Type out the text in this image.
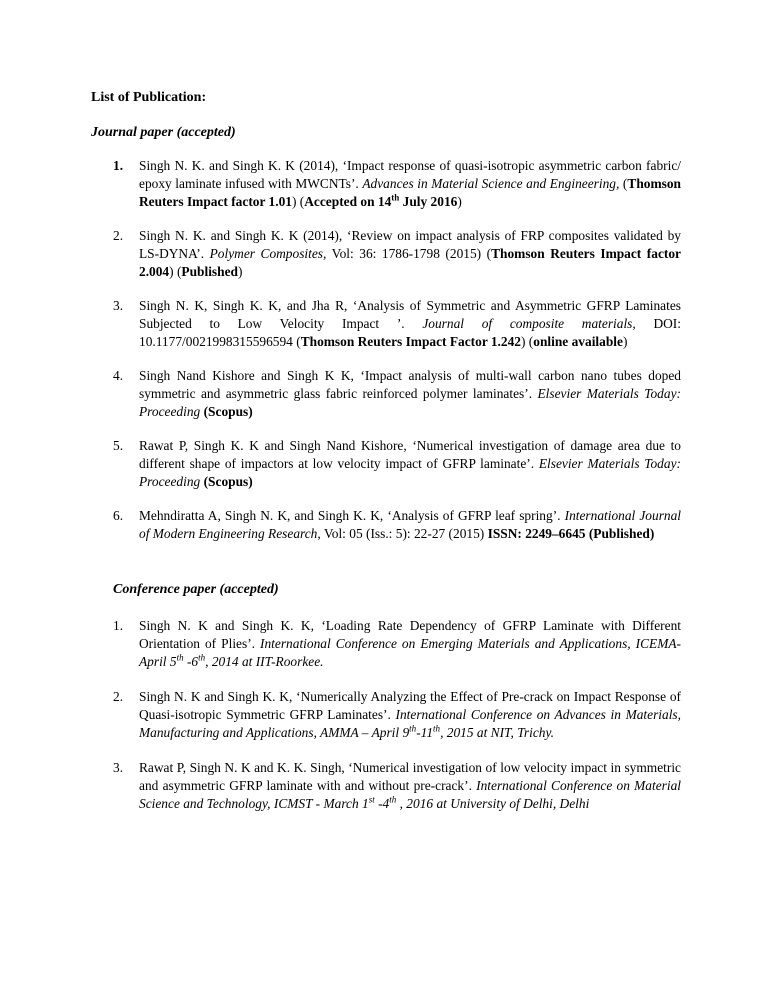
List of Publication:
Journal paper (accepted)
1. Singh N. K. and Singh K. K (2014), ‘Impact response of quasi-isotropic asymmetric carbon fabric/ epoxy laminate infused with MWCNTs’. Advances in Material Science and Engineering, (Thomson Reuters Impact factor 1.01) (Accepted on 14th July 2016)
2. Singh N. K. and Singh K. K (2014), ‘Review on impact analysis of FRP composites validated by LS-DYNA’. Polymer Composites, Vol: 36: 1786-1798 (2015) (Thomson Reuters Impact factor 2.004) (Published)
3. Singh N. K, Singh K. K, and Jha R, ‘Analysis of Symmetric and Asymmetric GFRP Laminates Subjected to Low Velocity Impact ’. Journal of composite materials, DOI: 10.1177/0021998315596594 (Thomson Reuters Impact Factor 1.242) (online available)
4. Singh Nand Kishore and Singh K K, ‘Impact analysis of multi-wall carbon nano tubes doped symmetric and asymmetric glass fabric reinforced polymer laminates’. Elsevier Materials Today: Proceeding (Scopus)
5. Rawat P, Singh K. K and Singh Nand Kishore, ‘Numerical investigation of damage area due to different shape of impactors at low velocity impact of GFRP laminate’. Elsevier Materials Today: Proceeding (Scopus)
6. Mehndiratta A, Singh N. K, and Singh K. K, ‘Analysis of GFRP leaf spring’. International Journal of Modern Engineering Research, Vol: 05 (Iss.: 5): 22-27 (2015) ISSN: 2249–6645 (Published)
Conference paper (accepted)
1. Singh N. K and Singh K. K, ‘Loading Rate Dependency of GFRP Laminate with Different Orientation of Plies’. International Conference on Emerging Materials and Applications, ICEMA-April 5th -6th, 2014 at IIT-Roorkee.
2. Singh N. K and Singh K. K, ‘Numerically Analyzing the Effect of Pre-crack on Impact Response of Quasi-isotropic Symmetric GFRP Laminates’. International Conference on Advances in Materials, Manufacturing and Applications, AMMA – April 9th-11th, 2015 at NIT, Trichy.
3. Rawat P, Singh N. K and K. K. Singh, ‘Numerical investigation of low velocity impact in symmetric and asymmetric GFRP laminate with and without pre-crack’. International Conference on Material Science and Technology, ICMST - March 1st -4th , 2016 at University of Delhi, Delhi
